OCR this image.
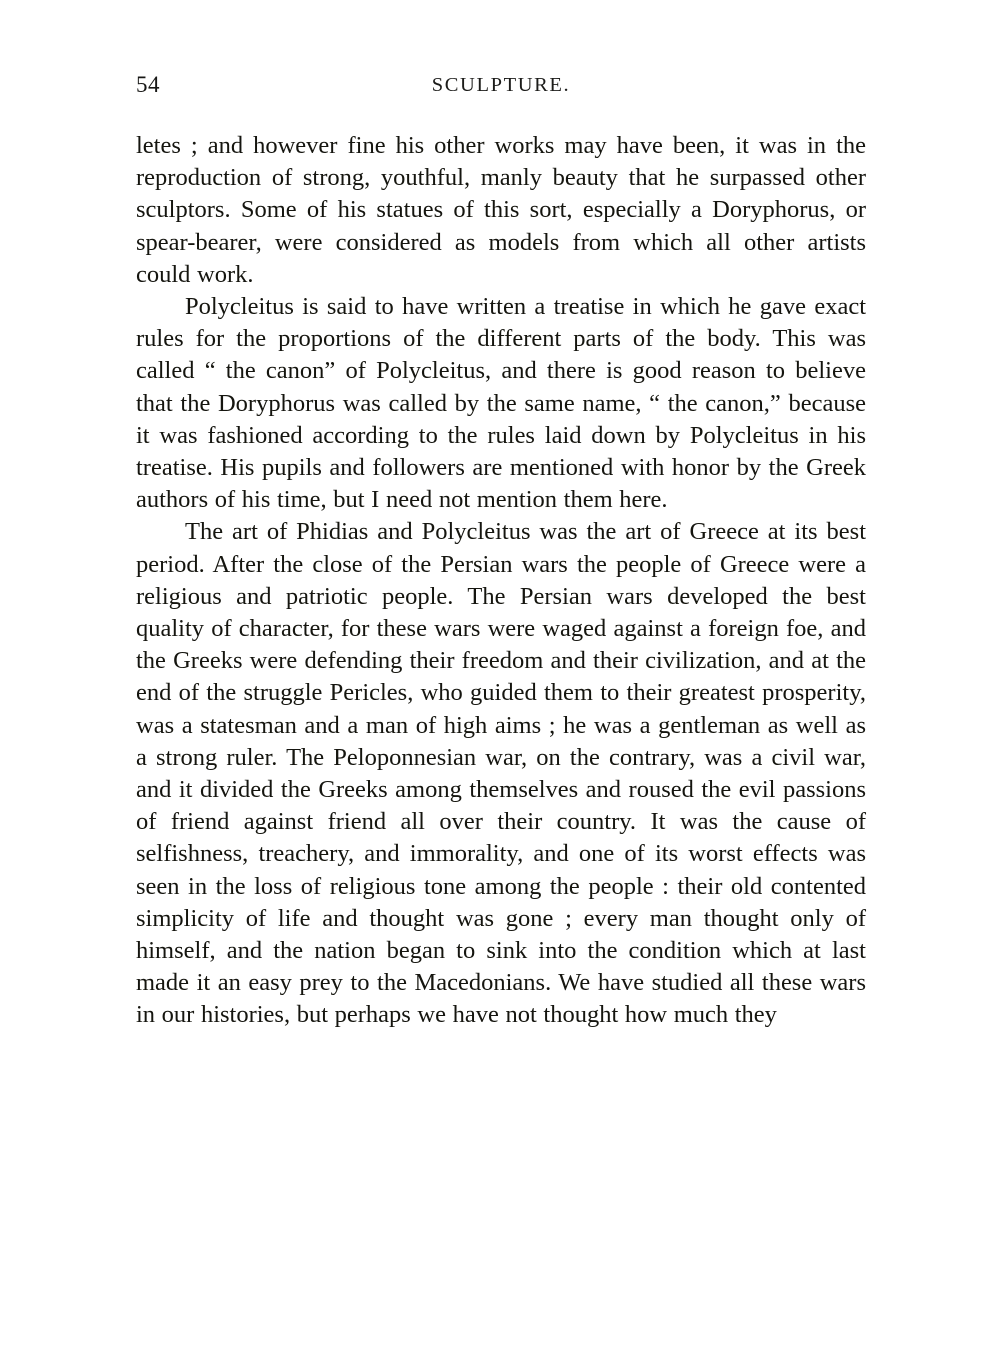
54	SCULPTURE.

letes ; and however fine his other works may have been, it was in the reproduction of strong, youthful, manly beauty that he surpassed other sculptors. Some of his statues of this sort, especially a Doryphorus, or spear-bearer, were considered as models from which all other artists could work.

Polycleitus is said to have written a treatise in which he gave exact rules for the proportions of the different parts of the body. This was called “ the canon” of Polycleitus, and there is good reason to believe that the Doryphorus was called by the same name, “ the canon,” because it was fashioned according to the rules laid down by Polycleitus in his treatise. His pupils and followers are mentioned with honor by the Greek authors of his time, but I need not mention them here.

The art of Phidias and Polycleitus was the art of Greece at its best period. After the close of the Persian wars the people of Greece were a religious and patriotic people. The Persian wars developed the best quality of character, for these wars were waged against a foreign foe, and the Greeks were defending their freedom and their civilization, and at the end of the struggle Pericles, who guided them to their greatest prosperity, was a statesman and a man of high aims ; he was a gentleman as well as a strong ruler. The Peloponnesian war, on the contrary, was a civil war, and it divided the Greeks among themselves and roused the evil passions of friend against friend all over their country. It was the cause of selfishness, treachery, and immorality, and one of its worst effects was seen in the loss of religious tone among the people : their old contented simplicity of life and thought was gone ; every man thought only of himself, and the nation began to sink into the condition which at last made it an easy prey to the Macedonians. We have studied all these wars in our histories, but perhaps we have not thought how much they
